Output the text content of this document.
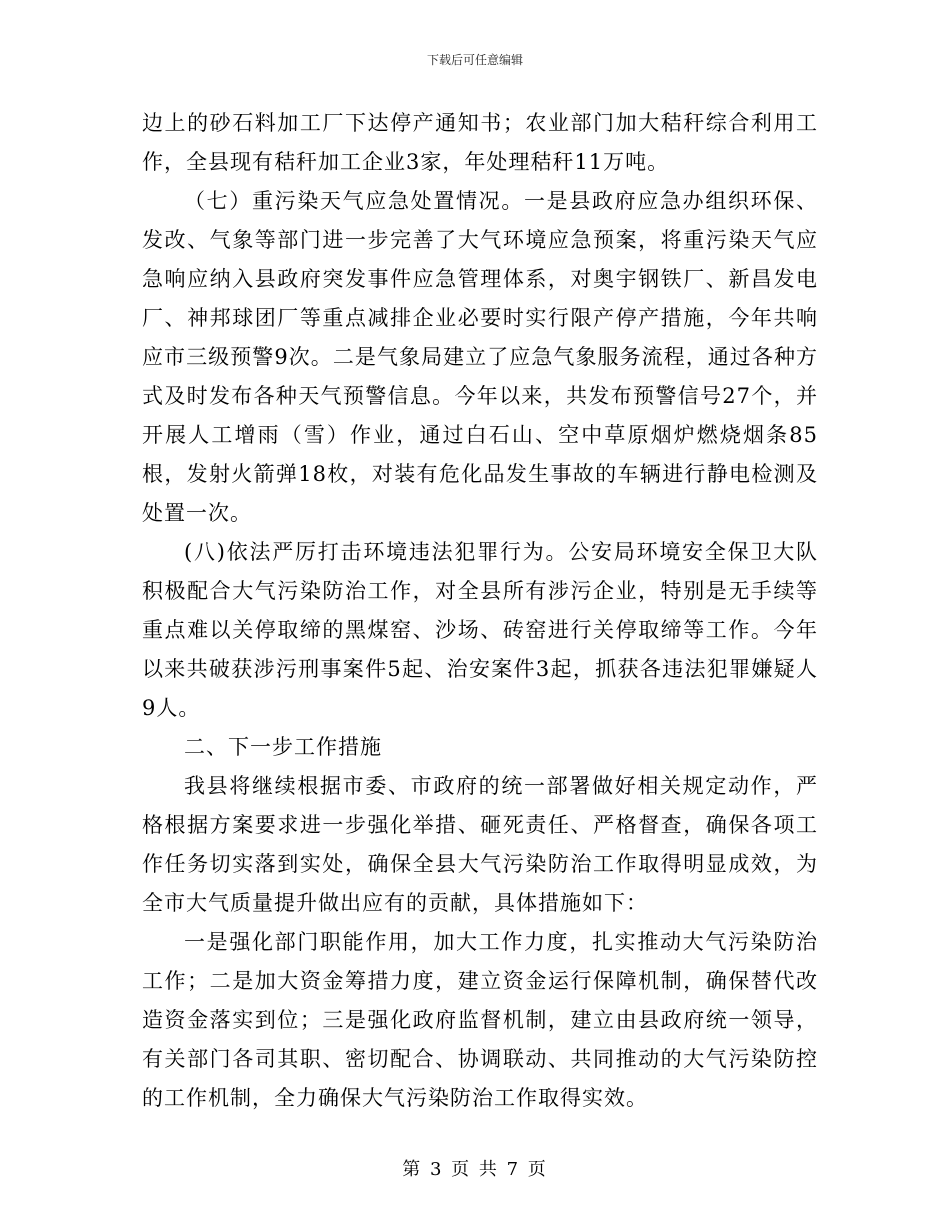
下载后可任意编辑

边上的砂石料加工厂下达停产通知书；农业部门加大秸秆综合利用工作，全县现有秸秆加工企业3家，年处理秸秆11万吨。

（七）重污染天气应急处置情况。一是县政府应急办组织环保、发改、气象等部门进一步完善了大气环境应急预案，将重污染天气应急响应纳入县政府突发事件应急管理体系，对奥宇钢铁厂、新昌发电厂、神邦球团厂等重点减排企业必要时实行限产停产措施，今年共响应市三级预警9次。二是气象局建立了应急气象服务流程，通过各种方式及时发布各种天气预警信息。今年以来，共发布预警信号27个，并开展人工增雨（雪）作业，通过白石山、空中草原烟炉燃烧烟条85根，发射火箭弹18枚，对装有危化品发生事故的车辆进行静电检测及处置一次。

(八)依法严厉打击环境违法犯罪行为。公安局环境安全保卫大队积极配合大气污染防治工作，对全县所有涉污企业，特别是无手续等重点难以关停取缔的黑煤窑、沙场、砖窑进行关停取缔等工作。今年以来共破获涉污刑事案件5起、治安案件3起，抓获各违法犯罪嫌疑人9人。

二、下一步工作措施

我县将继续根据市委、市政府的统一部署做好相关规定动作，严格根据方案要求进一步强化举措、砸死责任、严格督查，确保各项工作任务切实落到实处，确保全县大气污染防治工作取得明显成效，为全市大气质量提升做出应有的贡献，具体措施如下：

一是强化部门职能作用，加大工作力度，扎实推动大气污染防治工作；二是加大资金筹措力度，建立资金运行保障机制，确保替代改造资金落实到位；三是强化政府监督机制，建立由县政府统一领导，有关部门各司其职、密切配合、协调联动、共同推动的大气污染防控的工作机制，全力确保大气污染防治工作取得实效。

第 3 页 共 7 页
